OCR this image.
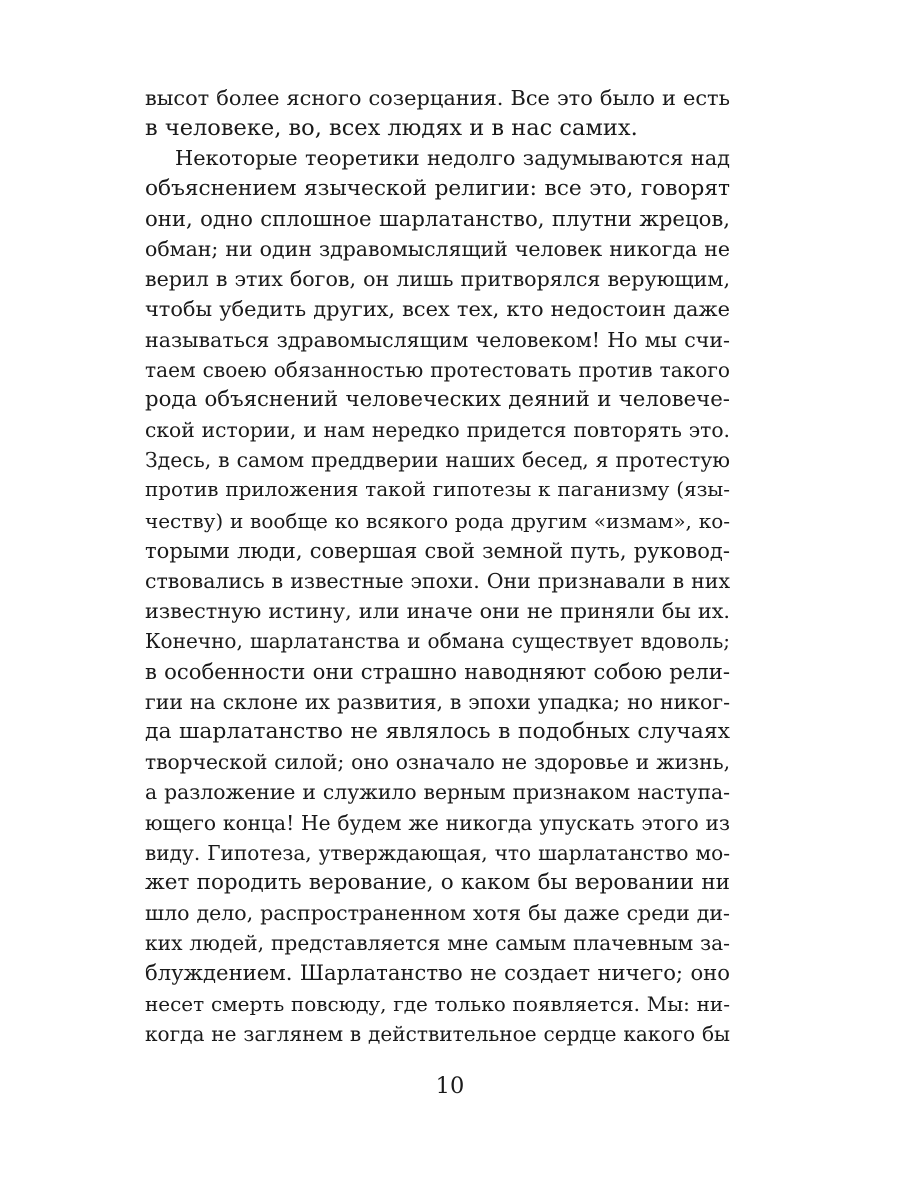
высот более ясного созерцания. Все это было и есть
в человеке, во, всех людях и в нас самих.
Некоторые теоретики недолго задумываются над
объяснением языческой религии: все это, говорят
они, одно сплошное шарлатанство, плутни жрецов,
обман; ни один здравомыслящий человек никогда не
верил в этих богов, он лишь притворялся верующим,
чтобы убедить других, всех тех, кто недостоин даже
называться здравомыслящим человеком! Но мы счи-
таем своею обязанностью протестовать против такого
рода объяснений человеческих деяний и человече-
ской истории, и нам нередко придется повторять это.
Здесь, в самом преддверии наших бесед, я протестую
против приложения такой гипотезы к паганизму (язы-
честву) и вообще ко всякого рода другим «измам», ко-
торыми люди, совершая свой земной путь, руковод-
ствовались в известные эпохи. Они признавали в них
известную истину, или иначе они не приняли бы их.
Конечно, шарлатанства и обмана существует вдоволь;
в особенности они страшно наводняют собою рели-
гии на склоне их развития, в эпохи упадка; но никог-
да шарлатанство не являлось в подобных случаях
творческой силой; оно означало не здоровье и жизнь,
а разложение и служило верным признаком наступа-
ющего конца! Не будем же никогда упускать этого из
виду. Гипотеза, утверждающая, что шарлатанство мо-
жет породить верование, о каком бы веровании ни
шло дело, распространенном хотя бы даже среди ди-
ких людей, представляется мне самым плачевным за-
блуждением. Шарлатанство не создает ничего; оно
несет смерть повсюду, где только появляется. Мы: ни-
когда не заглянем в действительное сердце какого бы
10
